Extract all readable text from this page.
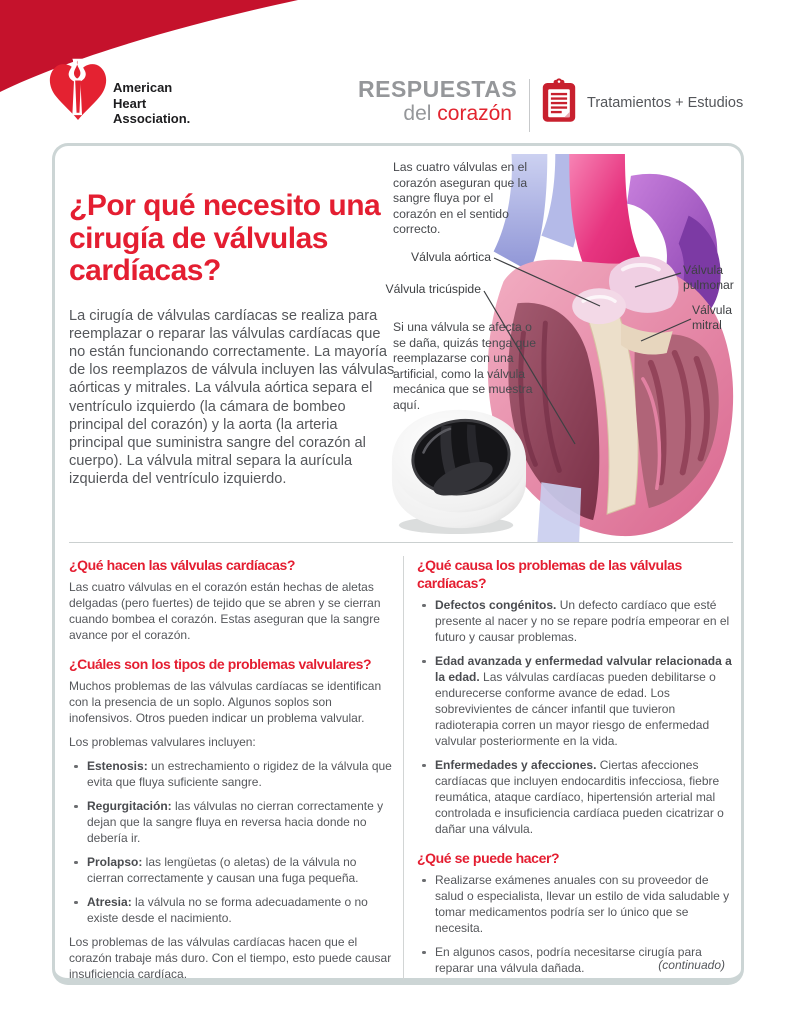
American
Heart
Association.
RESPUESTAS
del corazón	Tratamientos + Estudios
¿Por qué necesito una cirugía de válvulas cardíacas?

La cirugía de válvulas cardíacas se realiza para reemplazar o reparar las válvulas cardíacas que no están funcionando correctamente. La mayoría de los reemplazos de válvula incluyen las válvulas aórticas y mitrales. La válvula aórtica separa el ventrículo izquierdo (la cámara de bombeo principal del corazón) y la aorta (la arteria principal que suministra sangre del corazón al cuerpo). La válvula mitral separa la aurícula izquierda del ventrículo izquierdo.

Las cuatro válvulas en el corazón aseguran que la sangre fluya por el corazón en el sentido correcto.
Si una válvula se afecta o se daña, quizás tenga que reemplazarse con una artificial, como la válvula mecánica que se muestra aquí.
Válvula aórtica
Válvula tricúspide
Válvula pulmonar
Válvula mitral
¿Qué hacen las válvulas cardíacas?

Las cuatro válvulas en el corazón están hechas de aletas delgadas (pero fuertes) de tejido que se abren y se cierran cuando bombea el corazón. Estas aseguran que la sangre avance por el corazón.

¿Cuáles son los tipos de problemas valvulares?

Muchos problemas de las válvulas cardíacas se identifican con la presencia de un soplo. Algunos soplos son inofensivos. Otros pueden indicar un problema valvular.

Los problemas valvulares incluyen:

Estenosis: un estrechamiento o rigidez de la válvula que evita que fluya suficiente sangre.
Regurgitación: las válvulas no cierran correctamente y dejan que la sangre fluya en reversa hacia donde no debería ir.
Prolapso: las lengüetas (o aletas) de la válvula no cierran correctamente y causan una fuga pequeña.
Atresia: la válvula no se forma adecuadamente o no existe desde el nacimiento.

Los problemas de las válvulas cardíacas hacen que el corazón trabaje más duro. Con el tiempo, esto puede causar insuficiencia cardíaca.

¿Qué causa los problemas de las válvulas cardíacas?
Defectos congénitos. Un defecto cardíaco que esté presente al nacer y no se repare podría empeorar en el futuro y causar problemas.
Edad avanzada y enfermedad valvular relacionada a la edad. Las válvulas cardíacas pueden debilitarse o endurecerse conforme avance de edad. Los sobrevivientes de cáncer infantil que tuvieron radioterapia corren un mayor riesgo de enfermedad valvular posteriormente en la vida.
Enfermedades y afecciones. Ciertas afecciones cardíacas que incluyen endocarditis infecciosa, fiebre reumática, ataque cardíaco, hipertensión arterial mal controlada e insuficiencia cardíaca pueden cicatrizar o dañar una válvula.
¿Qué se puede hacer?
Realizarse exámenes anuales con su proveedor de salud o especialista, llevar un estilo de vida saludable y tomar medicamentos podría ser lo único que se necesita.
En algunos casos, podría necesitarse cirugía para reparar una válvula dañada.	(continuado)
